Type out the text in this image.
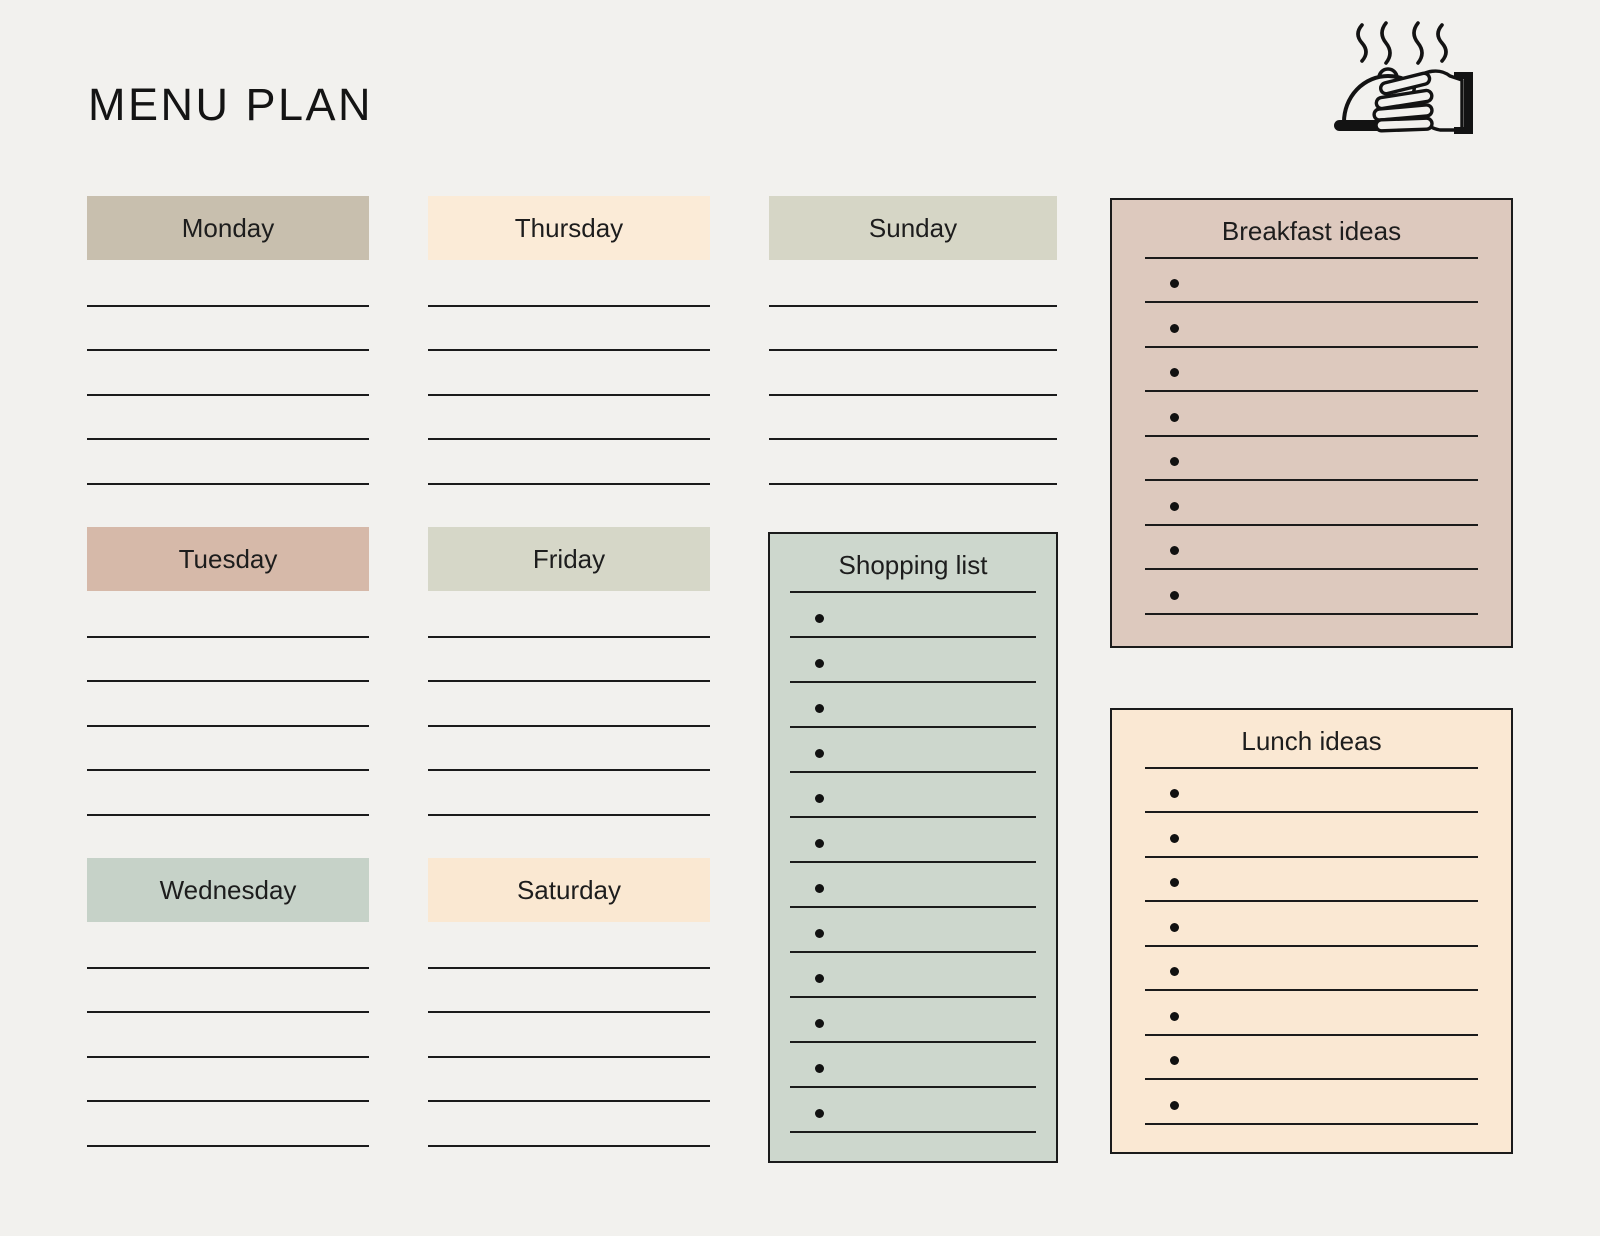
MENU PLAN
Monday
Tuesday
Wednesday
Thursday
Friday
Saturday
Sunday
Shopping list
Breakfast ideas
Lunch ideas
